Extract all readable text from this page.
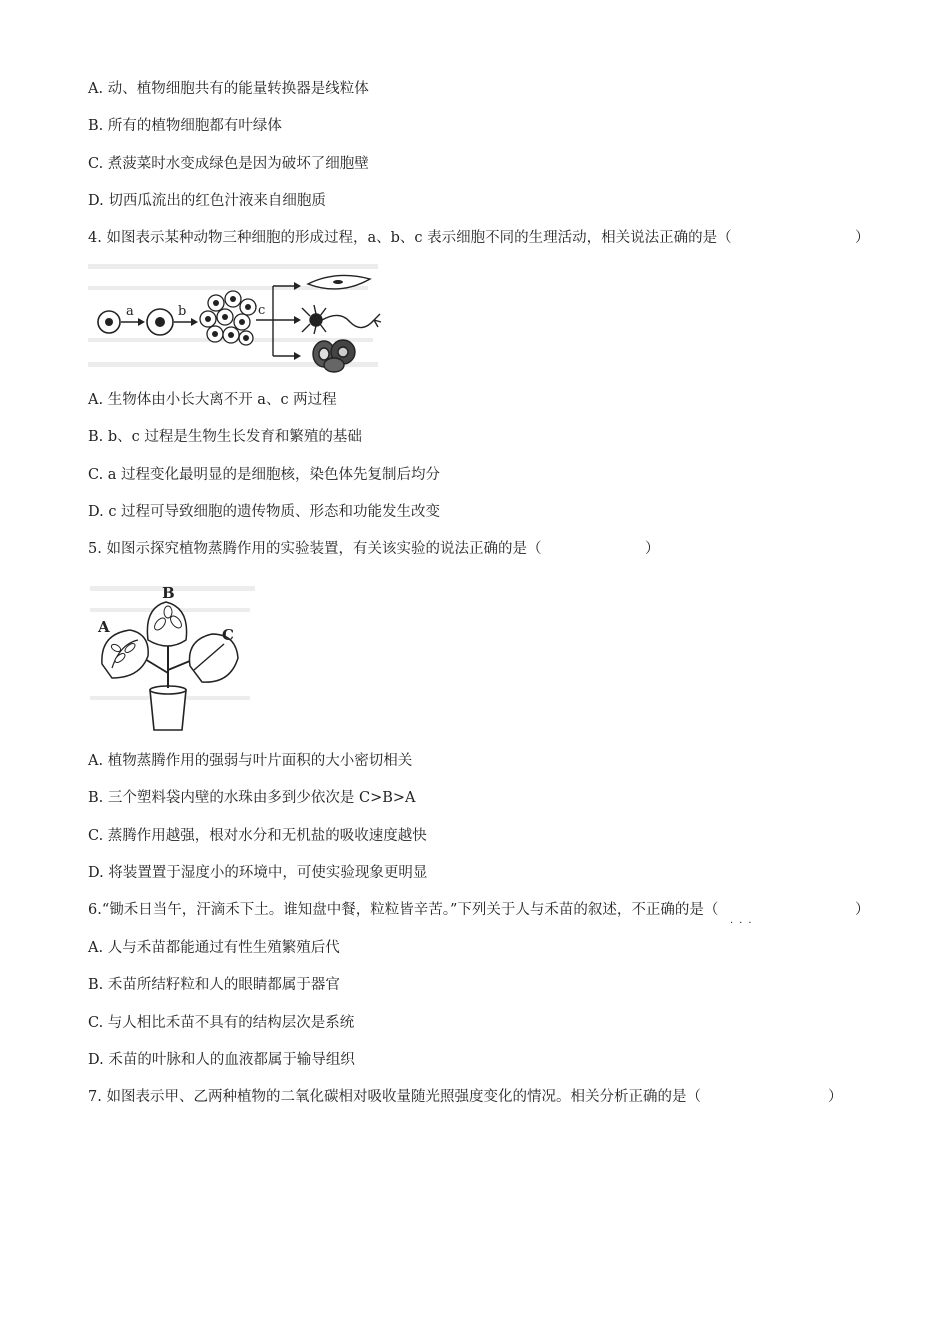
A. 动、植物细胞共有的能量转换器是线粒体
B. 所有的植物细胞都有叶绿体
C. 煮菠菜时水变成绿色是因为破坏了细胞壁
D. 切西瓜流出的红色汁液来自细胞质
4. 如图表示某种动物三种细胞的形成过程，a、b、c 表示细胞不同的生理活动，相关说法正确的是（	）
a	b	c
A. 生物体由小长大离不开 a、c 两过程
B. b、c 过程是生物生长发育和繁殖的基础
C. a 过程变化最明显的是细胞核，染色体先复制后均分
D. c 过程可导致细胞的遗传物质、形态和功能发生改变
5. 如图示探究植物蒸腾作用的实验装置，有关该实验的说法正确的是（	）
A
B
C
A. 植物蒸腾作用的强弱与叶片面积的大小密切相关
B. 三个塑料袋内壁的水珠由多到少依次是 C>B>A
C. 蒸腾作用越强，根对水分和无机盐的吸收速度越快
D. 将装置置于湿度小的环境中，可使实验现象更明显
6.“锄禾日当午，汗滴禾下土。谁知盘中餐，粒粒皆辛苦。”下列关于人与禾苗的叙述，不正确的是（	）
···
A. 人与禾苗都能通过有性生殖繁殖后代
B. 禾苗所结籽粒和人的眼睛都属于器官
C. 与人相比禾苗不具有的结构层次是系统
D. 禾苗的叶脉和人的血液都属于输导组织
7. 如图表示甲、乙两种植物的二氧化碳相对吸收量随光照强度变化的情况。相关分析正确的是（	）
